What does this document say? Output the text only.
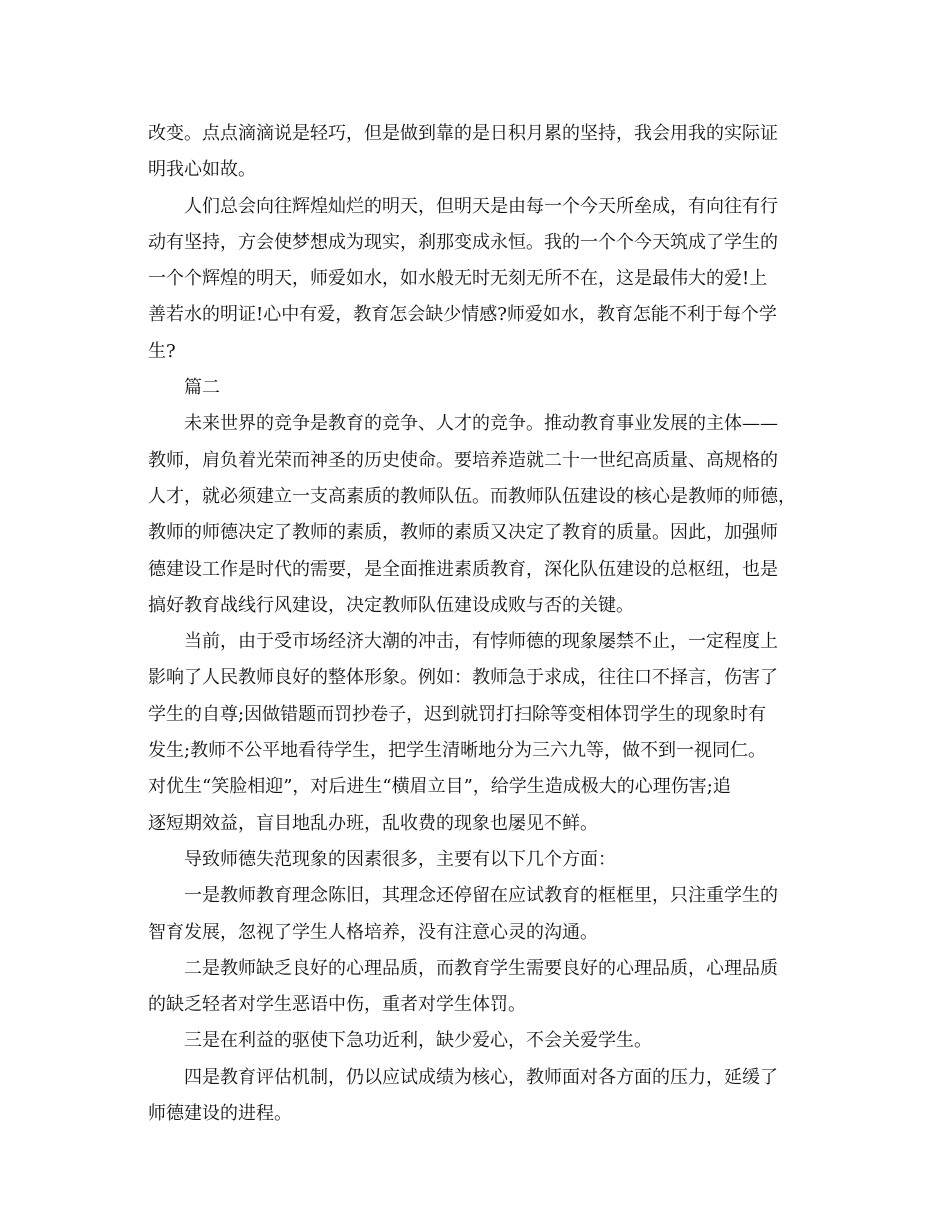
改变。点点滴滴说是轻巧，但是做到靠的是日积月累的坚持，我会用我的实际证
明我心如故。
人们总会向往辉煌灿烂的明天，但明天是由每一个今天所垒成，有向往有行
动有坚持，方会使梦想成为现实，刹那变成永恒。我的一个个今天筑成了学生的
一个个辉煌的明天，师爱如水，如水般无时无刻无所不在，这是最伟大的爱!上
善若水的明证!心中有爱，教育怎会缺少情感?师爱如水，教育怎能不利于每个学
生?
篇二
未来世界的竞争是教育的竞争、人才的竞争。推动教育事业发展的主体——
教师，肩负着光荣而神圣的历史使命。要培养造就二十一世纪高质量、高规格的
人才，就必须建立一支高素质的教师队伍。而教师队伍建设的核心是教师的师德，
教师的师德决定了教师的素质，教师的素质又决定了教育的质量。因此，加强师
德建设工作是时代的需要，是全面推进素质教育，深化队伍建设的总枢纽，也是
搞好教育战线行风建设，决定教师队伍建设成败与否的关键。
当前，由于受市场经济大潮的冲击，有悖师德的现象屡禁不止，一定程度上
影响了人民教师良好的整体形象。例如：教师急于求成，往往口不择言，伤害了
学生的自尊;因做错题而罚抄卷子，迟到就罚打扫除等变相体罚学生的现象时有
发生;教师不公平地看待学生，把学生清晰地分为三六九等，做不到一视同仁。
对优生“笑脸相迎”，对后进生“横眉立目”，给学生造成极大的心理伤害;追
逐短期效益，盲目地乱办班，乱收费的现象也屡见不鲜。
导致师德失范现象的因素很多，主要有以下几个方面：
一是教师教育理念陈旧，其理念还停留在应试教育的框框里，只注重学生的
智育发展，忽视了学生人格培养，没有注意心灵的沟通。
二是教师缺乏良好的心理品质，而教育学生需要良好的心理品质，心理品质
的缺乏轻者对学生恶语中伤，重者对学生体罚。
三是在利益的驱使下急功近利，缺少爱心，不会关爱学生。
四是教育评估机制，仍以应试成绩为核心，教师面对各方面的压力，延缓了
师德建设的进程。
